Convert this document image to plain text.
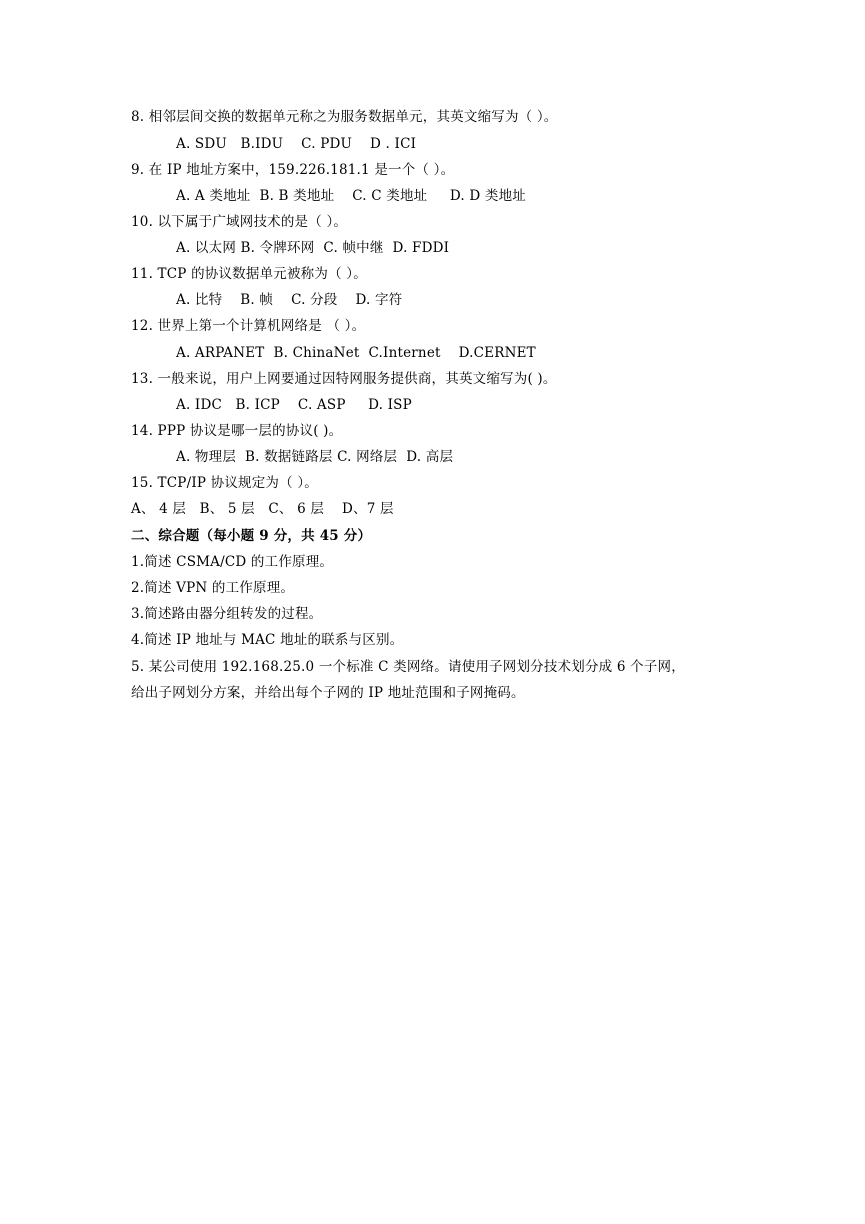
8. 相邻层间交换的数据单元称之为服务数据单元，其英文缩写为（ ）。
A. SDU   B.IDU    C. PDU    D . ICI
9. 在 IP 地址方案中，159.226.181.1 是一个（ ）。
A. A 类地址  B. B 类地址    C. C 类地址     D. D 类地址
10. 以下属于广域网技术的是（ ）。
A. 以太网 B. 令牌环网  C. 帧中继  D. FDDI
11. TCP 的协议数据单元被称为（ ）。
A. 比特    B. 帧    C. 分段    D. 字符
12. 世界上第一个计算机网络是 （ ）。
A. ARPANET  B. ChinaNet  C.Internet    D.CERNET
13. 一般来说，用户上网要通过因特网服务提供商，其英文缩写为( )。
A. IDC   B. ICP    C. ASP     D. ISP
14. PPP 协议是哪一层的协议( )。
A. 物理层  B. 数据链路层 C. 网络层  D. 高层
15. TCP/IP 协议规定为（ ）。
A、 4 层   B、 5 层   C、 6 层    D、7 层
二、综合题（每小题 9 分，共 45 分）
1.简述 CSMA/CD 的工作原理。
2.简述 VPN 的工作原理。
3.简述路由器分组转发的过程。
4.简述 IP 地址与 MAC 地址的联系与区别。
5. 某公司使用 192.168.25.0 一个标准 C 类网络。请使用子网划分技术划分成 6 个子网，
给出子网划分方案，并给出每个子网的 IP 地址范围和子网掩码。
